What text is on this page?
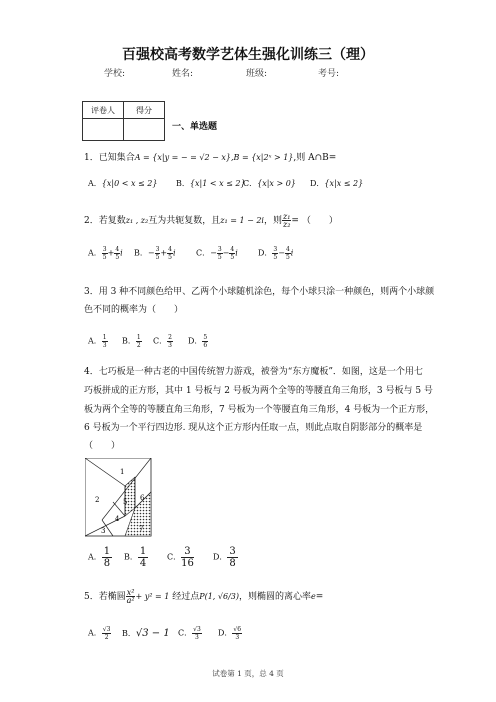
百强校高考数学艺体生强化训练三（理）
学校:	姓名:	班级:	考号:
评卷人	得分

一、单选题
1．已知集合A = {x|y = − = √2 − x},B = {x|2ˣ > 1},则 A∩B=
A．{x|0 < x ≤ 2} B．{x|1 < x ≤ 2}
C．{x|x > 0} D．{x|x ≤ 2}
2．若复数z₁ , z₂互为共轭复数，且z₁ = 1 − 2i，则 $\frac{\text{z₁}}{\text{z₂}}$ = （　　）
A． $\frac{3}{5} + \frac{4}{5}$ i B．− $\frac{3}{5} + \frac{4}{5}$ i	C．− $\frac{3}{5} - \frac{4}{5}$ i	D． $\frac{3}{5} - \frac{4}{5}$ i
3．用 3 种不同颜色给甲、乙两个小球随机涂色，每个小球只涂一种颜色，则两个小球颜
色不同的概率为（　　）
A． $\frac{1}{3}$ B． $\frac{1}{2}$ C． $\frac{2}{3}$ D． $\frac{5}{6}$
4．七巧板是一种古老的中国传统智力游戏，被誉为“东方魔板”．如图，这是一个用七
巧板拼成的正方形，其中 1 号板与 2 号板为两个全等的等腰直角三角形，3 号板与 5 号
板为两个全等的等腰直角三角形，7 号板为一个等腰直角三角形，4 号板为一个正方形，
6 号板为一个平行四边形. 现从这个正方形内任取一点，则此点取自阴影部分的概率是
（　　）
1
2
3
4
5 6
7
A． $\frac{1}{8}$ B． $\frac{1}{4}$ C． $\frac{3}{16}$ D． $\frac{3}{8}$
5．若椭圆 $\frac{\text{x²}}{\text{a²}} + y^2 = 1$ 经过点P(1, √6/3)，则椭圆的离心率e=
A． $\frac{√3}{2}$ B．√3 − 1 C． $\frac{√3}{3}$ D． $\frac{√6}{3}$
试卷第 1 页，总 4 页
